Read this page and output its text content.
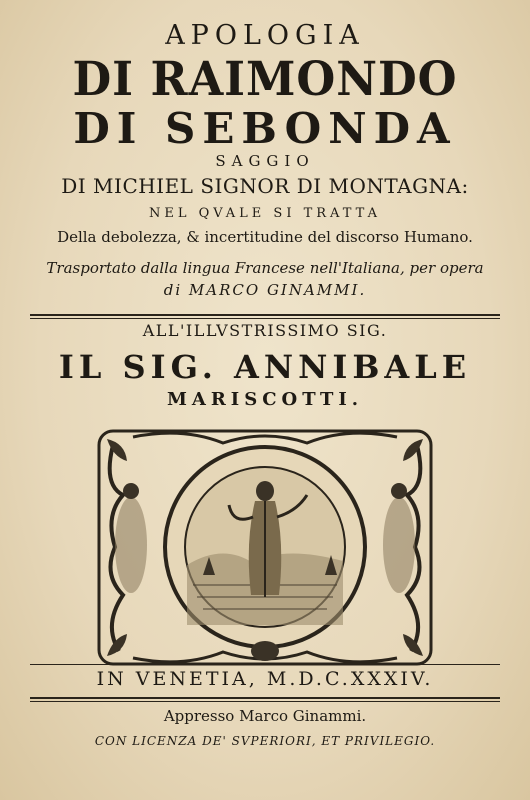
APOLOGIA
DI RAIMONDO
DI SEBONDA
SAGGIO
DI MICHIEL SIGNOR DI MONTAGNA:
NEL QVALE SI TRATTA
Della debolezza, & incertitudine del discorso Humano.
Trasportato dalla lingua Francese nell'Italiana, per opera
di MARCO GINAMMI.
ALL'ILLVSTRISSIMO SIG.
IL SIG. ANNIBALE
MARISCOTTI.
IN VENETIA, M.D.C.XXXIV.
Appresso Marco Ginammi.
CON LICENZA DE' SVPERIORI, ET PRIVILEGIO.
